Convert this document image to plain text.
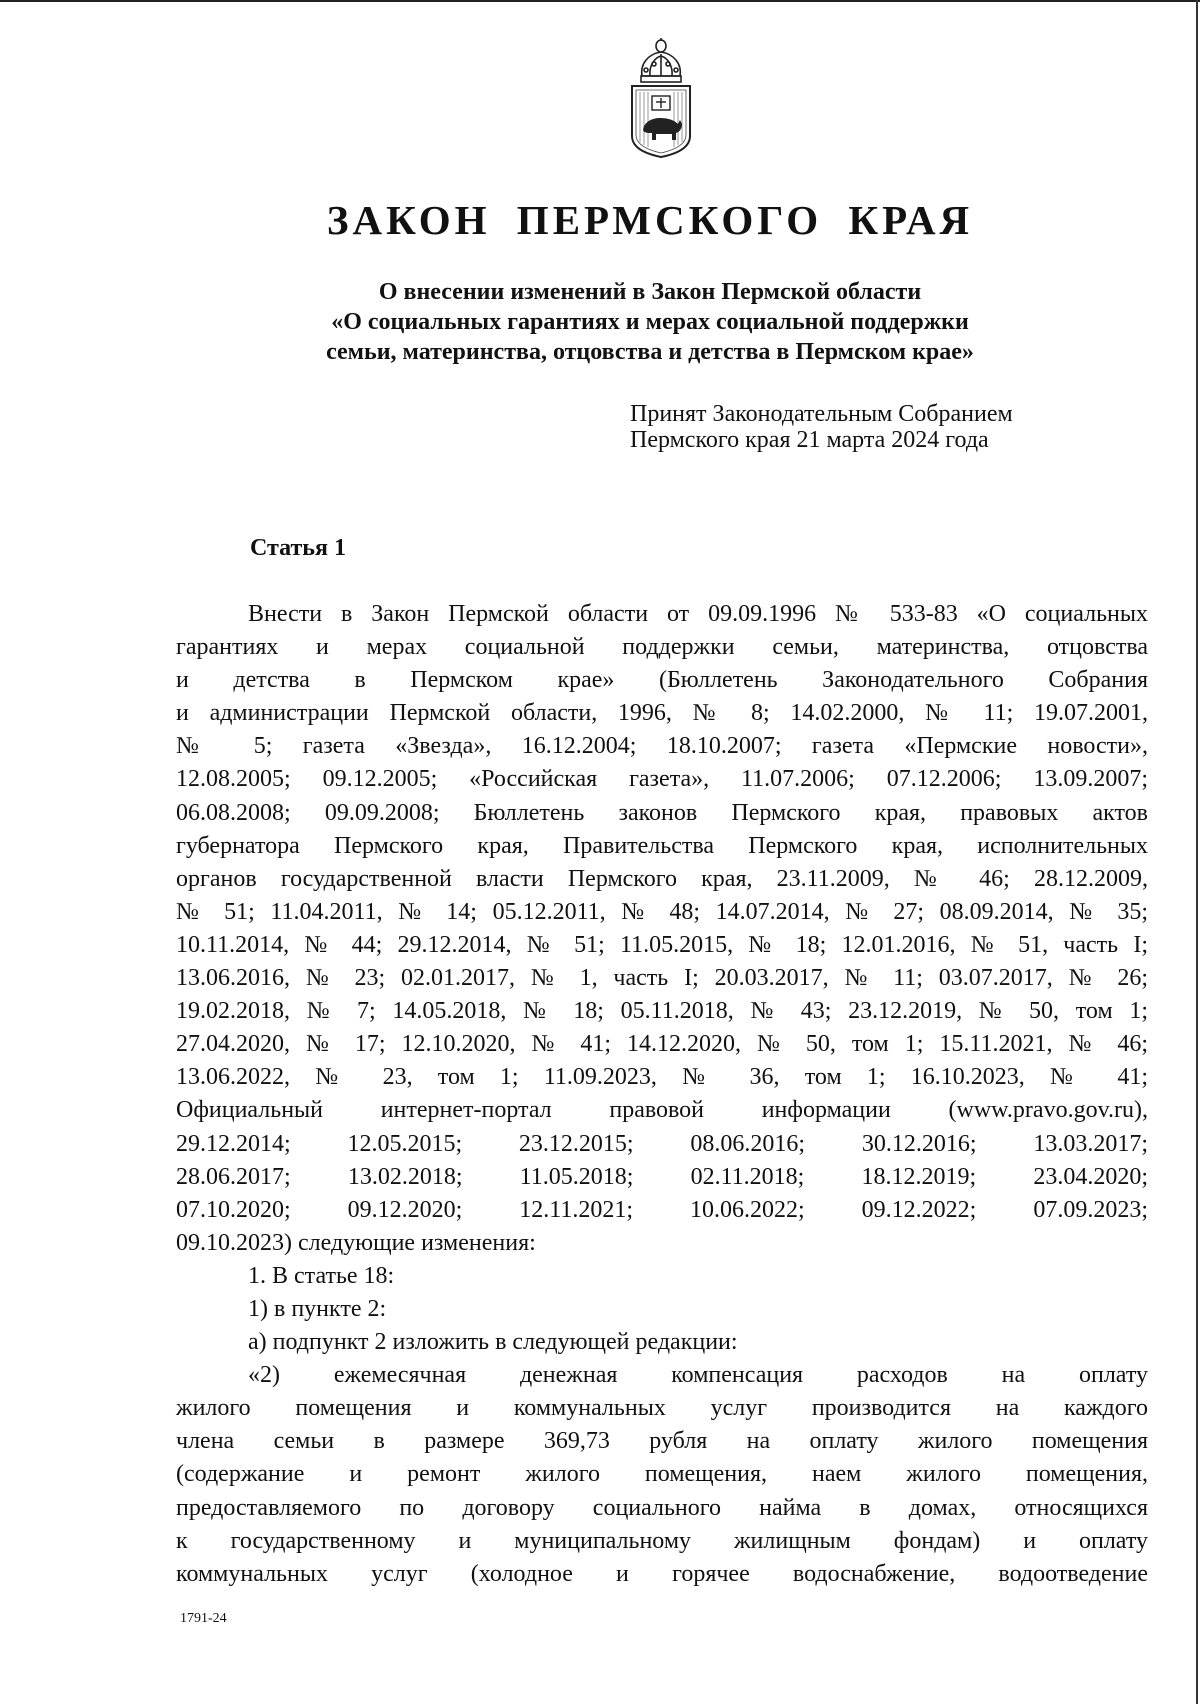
ЗАКОН ПЕРМСКОГО КРАЯ
О внесении изменений в Закон Пермской области
«О социальных гарантиях и мерах социальной поддержки
семьи, материнства, отцовства и детства в Пермском крае»
Принят Законодательным Собранием
Пермского края 21 марта 2024 года
Статья 1

Внести в Закон Пермской области от 09.09.1996 № 533-83 «О социальных

гарантиях и мерах социальной поддержки семьи, материнства, отцовства

и детства в Пермском крае» (Бюллетень Законодательного Собрания

и администрации Пермской области, 1996, № 8; 14.02.2000, № 11; 19.07.2001,

№ 5; газета «Звезда», 16.12.2004; 18.10.2007; газета «Пермские новости»,

12.08.2005; 09.12.2005; «Российская газета», 11.07.2006; 07.12.2006; 13.09.2007;

06.08.2008; 09.09.2008; Бюллетень законов Пермского края, правовых актов

губернатора Пермского края, Правительства Пермского края, исполнительных

органов государственной власти Пермского края, 23.11.2009, № 46; 28.12.2009,

№ 51; 11.04.2011, № 14; 05.12.2011, № 48; 14.07.2014, № 27; 08.09.2014, № 35;

10.11.2014, № 44; 29.12.2014, № 51; 11.05.2015, № 18; 12.01.2016, № 51, часть I;

13.06.2016, № 23; 02.01.2017, № 1, часть I; 20.03.2017, № 11; 03.07.2017, № 26;

19.02.2018, № 7; 14.05.2018, № 18; 05.11.2018, № 43; 23.12.2019, № 50, том 1;

27.04.2020, № 17; 12.10.2020, № 41; 14.12.2020, № 50, том 1; 15.11.2021, № 46;

13.06.2022, № 23, том 1; 11.09.2023, № 36, том 1; 16.10.2023, № 41;

Официальный интернет-портал правовой информации (www.pravo.gov.ru),

29.12.2014; 12.05.2015; 23.12.2015; 08.06.2016; 30.12.2016; 13.03.2017;

28.06.2017; 13.02.2018; 11.05.2018; 02.11.2018; 18.12.2019; 23.04.2020;

07.10.2020; 09.12.2020; 12.11.2021; 10.06.2022; 09.12.2022; 07.09.2023;

09.10.2023) следующие изменения:

1. В статье 18:

1) в пункте 2:

а) подпункт 2 изложить в следующей редакции:

«2) ежемесячная денежная компенсация расходов на оплату

жилого помещения и коммунальных услуг производится на каждого

члена семьи в размере 369,73 рубля на оплату жилого помещения

(содержание и ремонт жилого помещения, наем жилого помещения,

предоставляемого по договору социального найма в домах, относящихся

к государственному и муниципальному жилищным фондам) и оплату

коммунальных услуг (холодное и горячее водоснабжение, водоотведение

1791-24
